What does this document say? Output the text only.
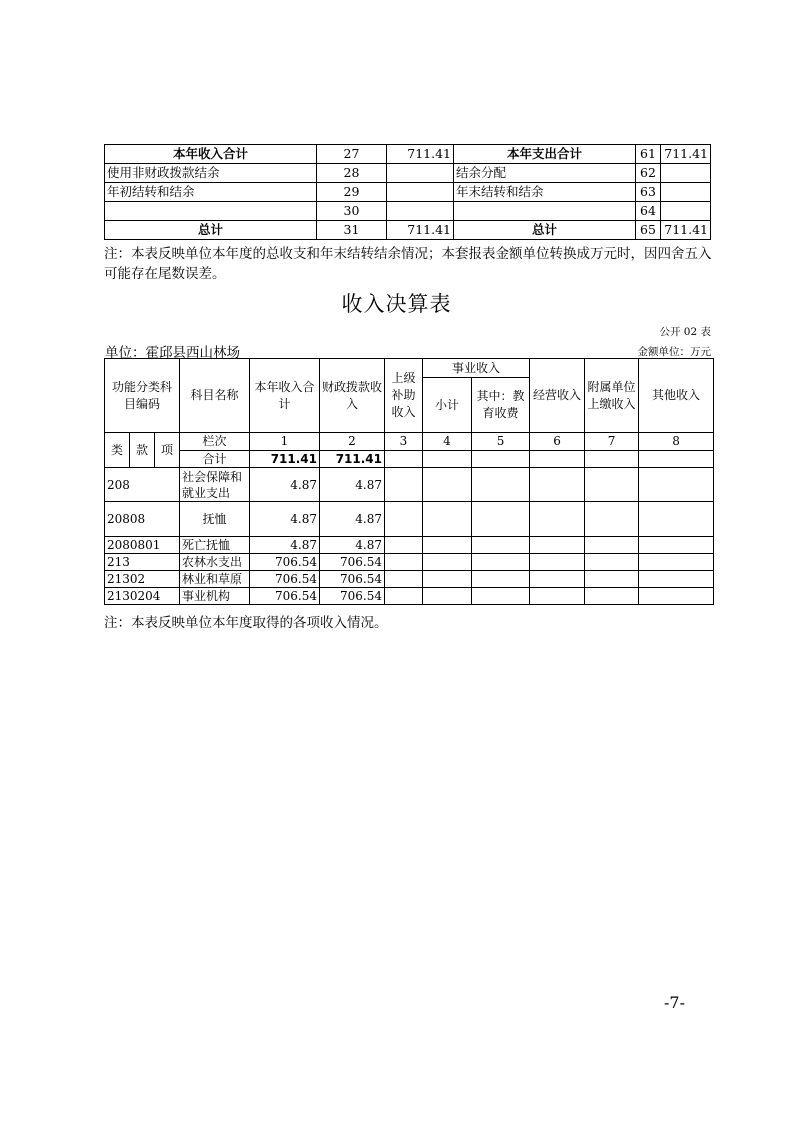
本年收入合计	27	711.41	本年支出合计	61	711.41
使用非财政拨款结余	28		结余分配	62	
年初结转和结余	29		年末结转和结余	63	
	30			64	
总计	31	711.41	总计	65	711.41
注：本表反映单位本年度的总收支和年末结转结余情况；本套报表金额单位转换成万元时，因四舍五入可能存在尾数误差。
收入决算表
公开 02 表
单位：霍邱县西山林场	金额单位：万元
功能分类科目编码			科目名称	本年收入合计	财政拨款收入	上级补助收入	事业收入		经营收入	附属单位上缴收入	其他收入
							小计	其中：教育收费			
类	款	项	栏次	1	2	3	4	5	6	7	8
			合计	711.41	711.41						
208			社会保障和就业支出	4.87	4.87						
20808			抚恤	4.87	4.87						
2080801			死亡抚恤	4.87	4.87						
213			农林水支出	706.54	706.54						
21302			林业和草原	706.54	706.54						
2130204			事业机构	706.54	706.54						
注：本表反映单位本年度取得的各项收入情况。
-7-
